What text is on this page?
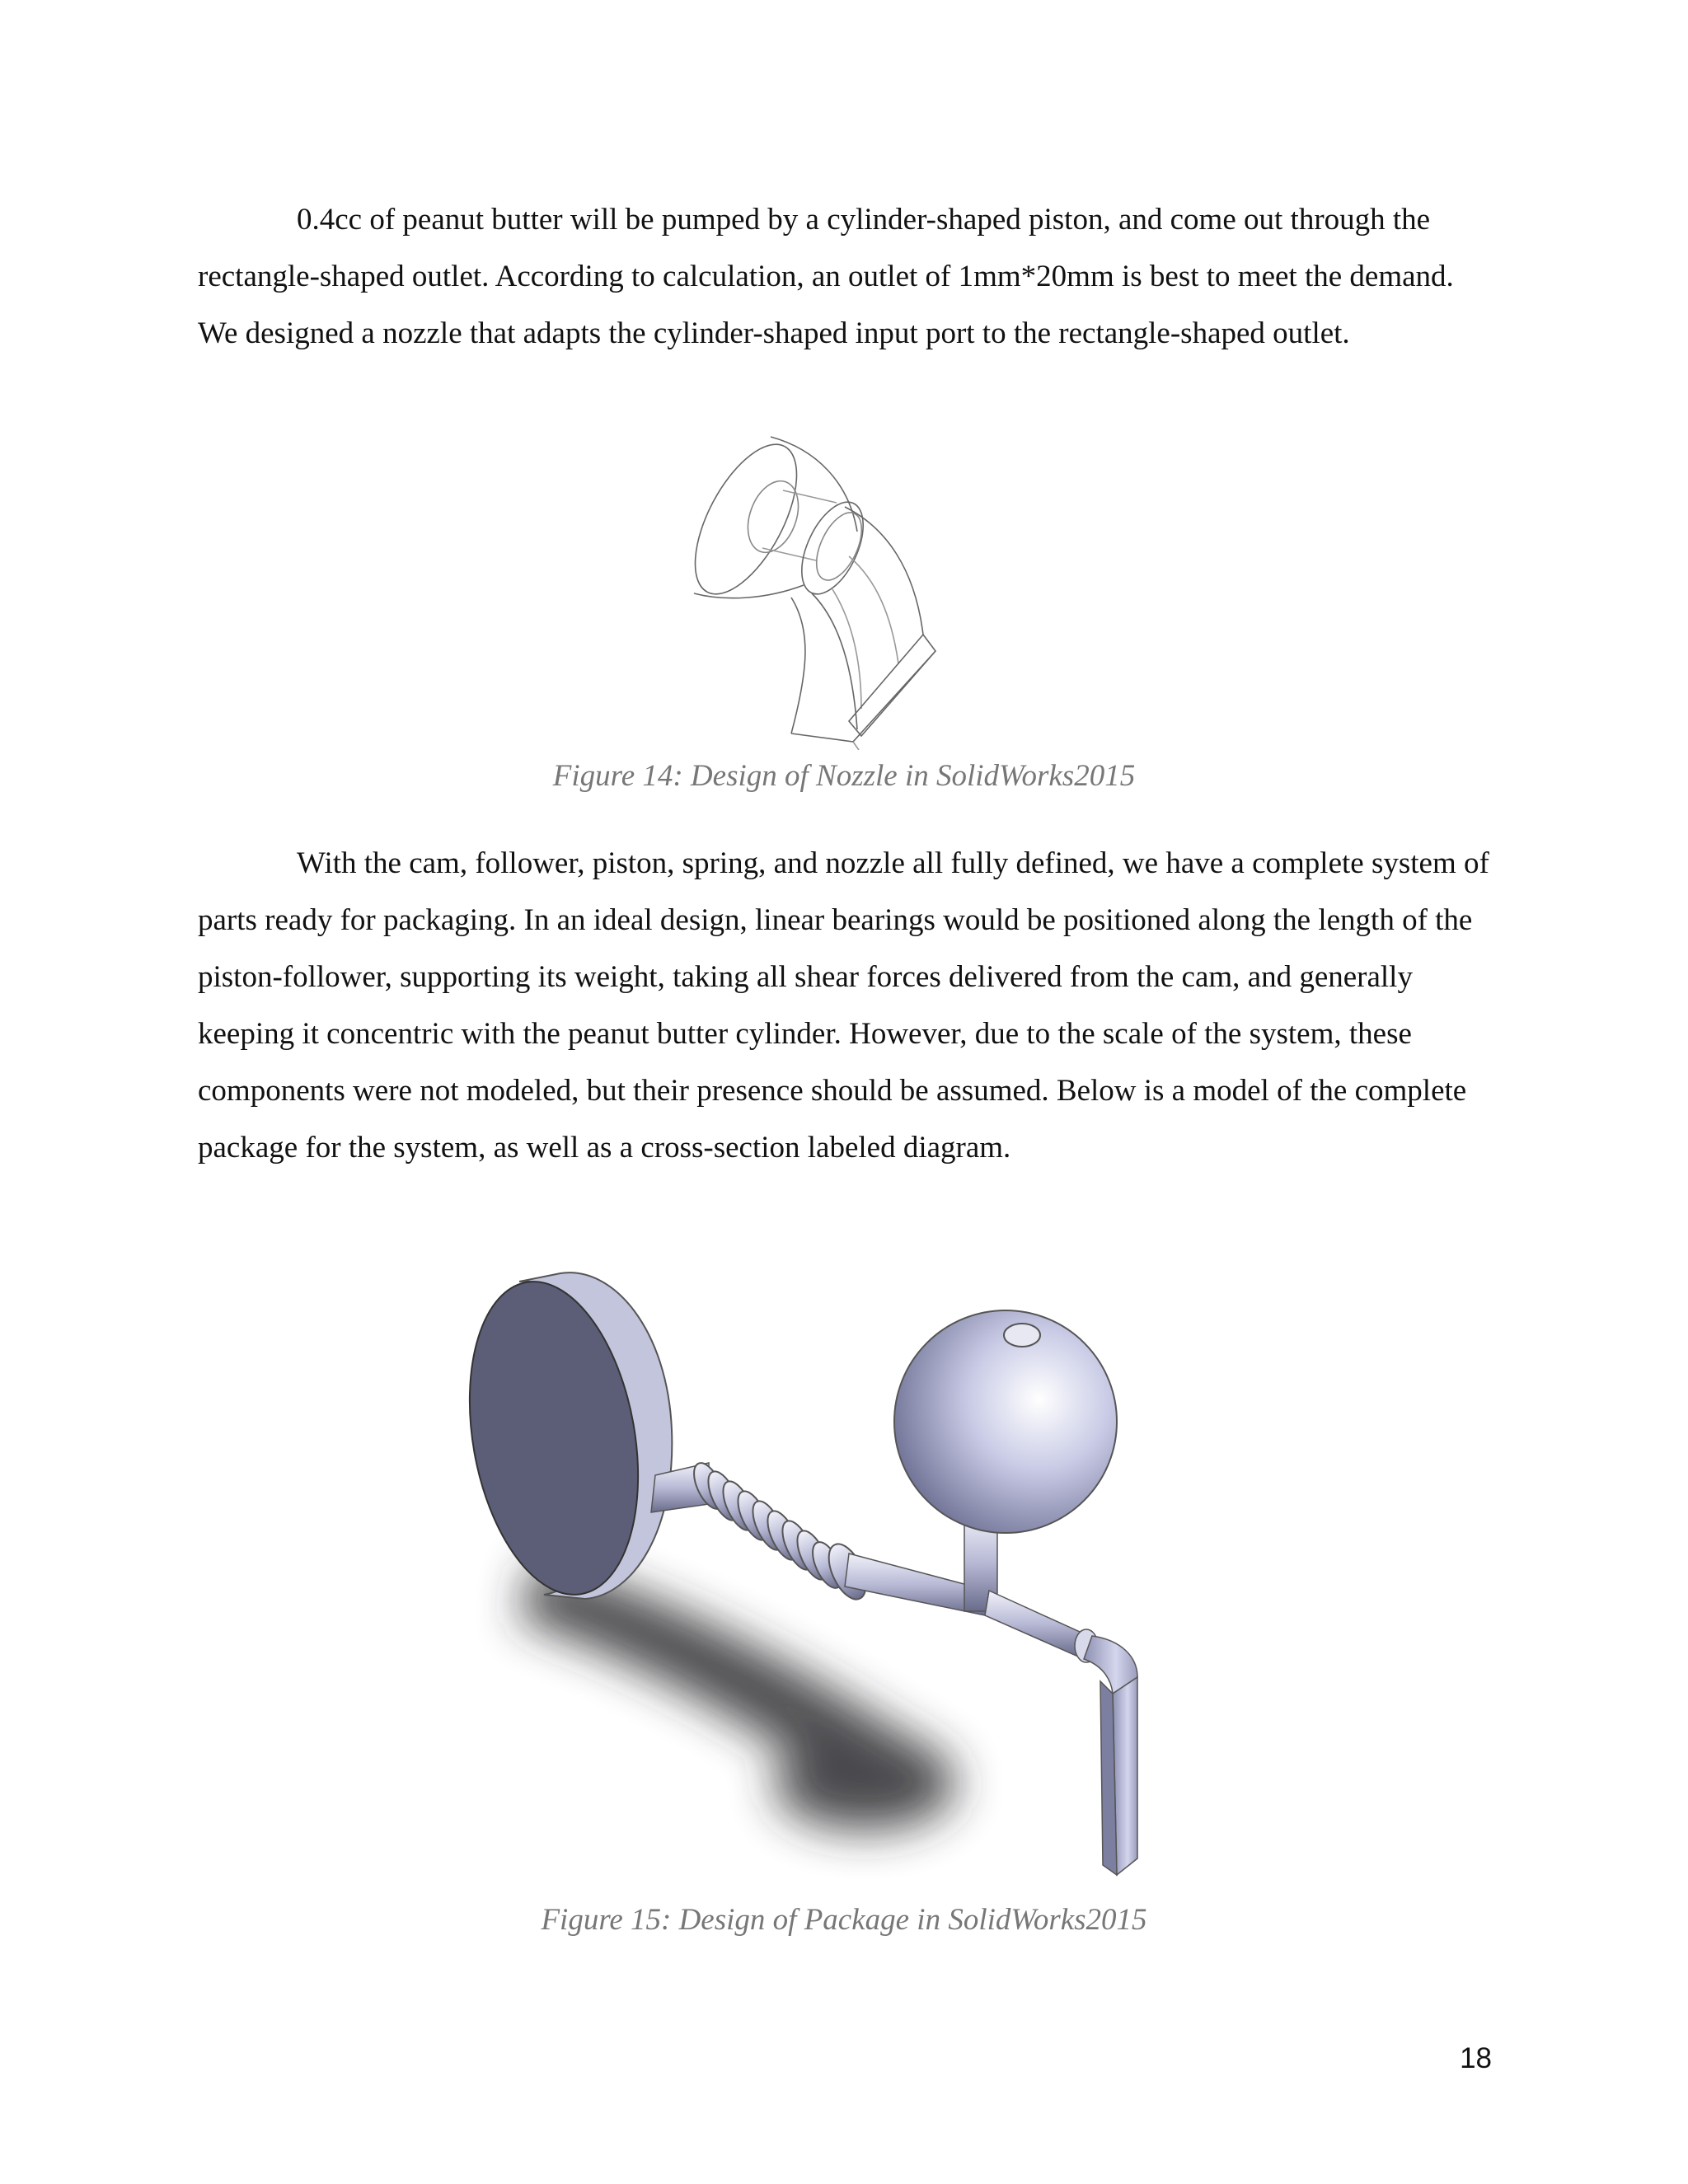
0.4cc of peanut butter will be pumped by a cylinder-shaped piston, and come out through the rectangle-shaped outlet. According to calculation, an outlet of 1mm*20mm is best to meet the demand. We designed a nozzle that adapts the cylinder-shaped input port to the rectangle-shaped outlet.

Figure 14: Design of Nozzle in SolidWorks2015

With the cam, follower, piston, spring, and nozzle all fully defined, we have a complete system of parts ready for packaging. In an ideal design, linear bearings would be positioned along the length of the piston-follower, supporting its weight, taking all shear forces delivered from the cam, and generally keeping it concentric with the peanut butter cylinder. However, due to the scale of the system, these components were not modeled, but their presence should be assumed. Below is a model of the complete package for the system, as well as a cross-section labeled diagram.

Figure 15: Design of Package in SolidWorks2015

18
